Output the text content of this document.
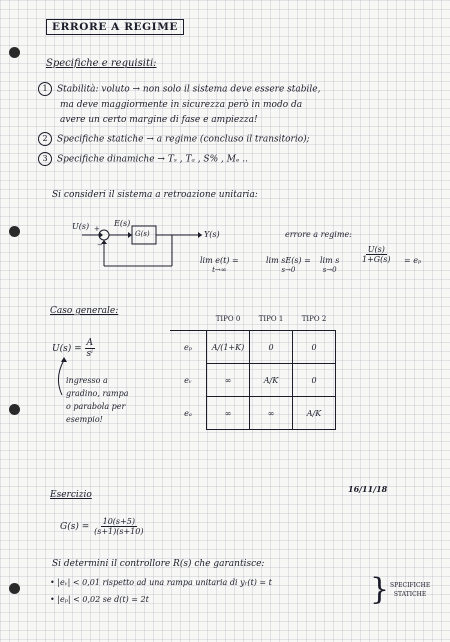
ERRORE A REGIME
Specifiche e requisiti:
1 Stabilità: voluto → non solo il sistema deve essere stabile,
ma deve maggiormente in sicurezza però in modo da
avere un certo margine di fase e ampiezza!
2 Specifiche statiche → a regime (concluso il transitorio);
3 Specifiche dinamiche → Tₛ , Tₐ , S% , Mₑ ..
Si consideri il sistema a retroazione unitaria:
U(s) +
−
E(s)
G(s)	Y(s)	errore a regime:
lim e(t) =
t→∞
lim sE(s) =
s→0
lim s
s→0
$\frac{U(s)}{1+G(s)} = e_p$
Caso generale:
$U(s) = \frac{A}{\text{sⁱ}}$
ingresso a
gradino, rampa
o parabola per
esempio!
	TIPO 0	TIPO 1	TIPO 2
eₚ	A/(1+K)	0	0
eᵥ	∞	A/K	0
eₐ	∞	∞	A/K
16/11/18
Esercizio
$G(s) = \frac{10(s+5)}{(s+1)(s+10)}$
Si determini il controllore R(s) che garantisce:
• |eᵥ| < 0,01 rispetto ad una rampa unitaria di yᵣ(t) = t
• |eₚ| < 0,02 se d(t) = 2t	} SPECIFICHE
STATICHE
